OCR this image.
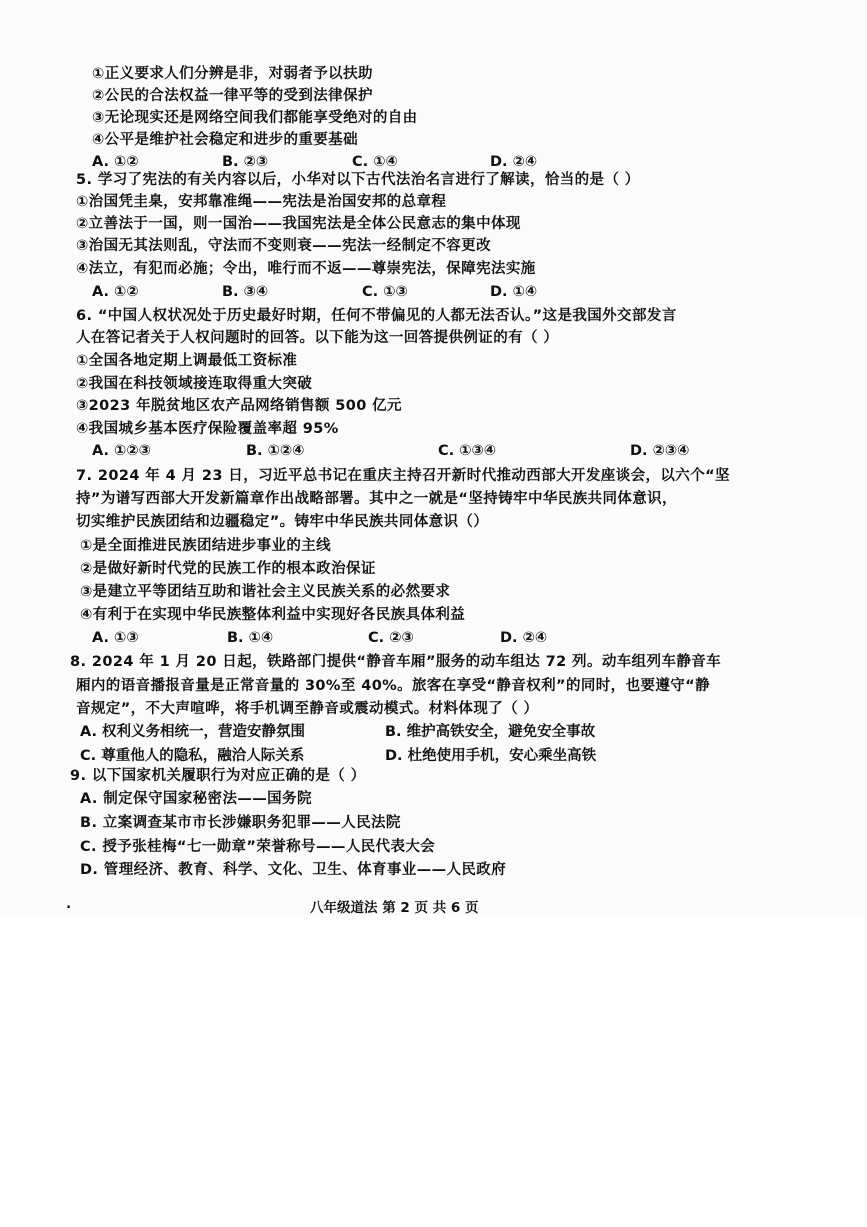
①正义要求人们分辨是非，对弱者予以扶助
②公民的合法权益一律平等的受到法律保护
③无论现实还是网络空间我们都能享受绝对的自由
④公平是维护社会稳定和进步的重要基础
A. ①②	B. ②③	C. ①④	D. ②④
5. 学习了宪法的有关内容以后，小华对以下古代法治名言进行了解读，恰当的是（ ）
①治国凭圭臬，安邦靠准绳——宪法是治国安邦的总章程
②立善法于一国，则一国治——我国宪法是全体公民意志的集中体现
③治国无其法则乱，守法而不变则衰——宪法一经制定不容更改
④法立，有犯而必施；令出，唯行而不返——尊崇宪法，保障宪法实施
A. ①②	B. ③④	C. ①③	D. ①④
6. “中国人权状况处于历史最好时期，任何不带偏见的人都无法否认。”这是我国外交部发言
人在答记者关于人权问题时的回答。以下能为这一回答提供例证的有（ ）
①全国各地定期上调最低工资标准
②我国在科技领域接连取得重大突破
③2023 年脱贫地区农产品网络销售额 500 亿元
④我国城乡基本医疗保险覆盖率超 95%
A. ①②③	B. ①②④	C. ①③④	D. ②③④
7. 2024 年 4 月 23 日，习近平总书记在重庆主持召开新时代推动西部大开发座谈会，以六个“坚
持”为谱写西部大开发新篇章作出战略部署。其中之一就是“坚持铸牢中华民族共同体意识，
切实维护民族团结和边疆稳定”。铸牢中华民族共同体意识（）
①是全面推进民族团结进步事业的主线
②是做好新时代党的民族工作的根本政治保证
③是建立平等团结互助和谐社会主义民族关系的必然要求
④有利于在实现中华民族整体利益中实现好各民族具体利益
A. ①③	B. ①④	C. ②③	D. ②④
8. 2024 年 1 月 20 日起，铁路部门提供“静音车厢”服务的动车组达 72 列。动车组列车静音车
厢内的语音播报音量是正常音量的 30%至 40%。旅客在享受“静音权利”的同时，也要遵守“静
音规定”，不大声喧哗，将手机调至静音或震动模式。材料体现了（ ）
A. 权利义务相统一，营造安静氛围	B. 维护高铁安全，避免安全事故
C. 尊重他人的隐私，融洽人际关系	D. 杜绝使用手机，安心乘坐高铁
9. 以下国家机关履职行为对应正确的是（ ）
A. 制定保守国家秘密法——国务院
B. 立案调查某市市长涉嫌职务犯罪——人民法院
C. 授予张桂梅“七一勋章”荣誉称号——人民代表大会
D. 管理经济、教育、科学、文化、卫生、体育事业——人民政府
.	八年级道法 第 2 页 共 6 页
